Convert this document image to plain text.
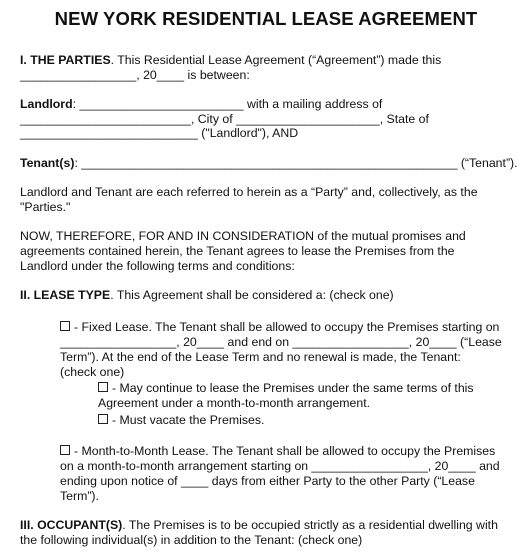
NEW YORK RESIDENTIAL LEASE AGREEMENT
I. THE PARTIES. This Residential Lease Agreement (“Agreement”) made this
_________________, 20____ is between:
Landlord: ________________________ with a mailing address of
_________________________, City of _____________________, State of
__________________________ ("Landlord"), AND
Tenant(s): _______________________________________________________ (“Tenant”).
Landlord and Tenant are each referred to herein as a “Party” and, collectively, as the
"Parties."
NOW, THEREFORE, FOR AND IN CONSIDERATION of the mutual promises and
agreements contained herein, the Tenant agrees to lease the Premises from the
Landlord under the following terms and conditions:
II. LEASE TYPE. This Agreement shall be considered a: (check one)
- Fixed Lease. The Tenant shall be allowed to occupy the Premises starting on
_________________, 20____ and end on _________________, 20____ (“Lease
Term”). At the end of the Lease Term and no renewal is made, the Tenant:
(check one)
- May continue to lease the Premises under the same terms of this
Agreement under a month-to-month arrangement.
- Must vacate the Premises.
- Month-to-Month Lease. The Tenant shall be allowed to occupy the Premises
on a month-to-month arrangement starting on _________________, 20____ and
ending upon notice of ____ days from either Party to the other Party (“Lease
Term”).
III. OCCUPANT(S). The Premises is to be occupied strictly as a residential dwelling with
the following individual(s) in addition to the Tenant: (check one)
